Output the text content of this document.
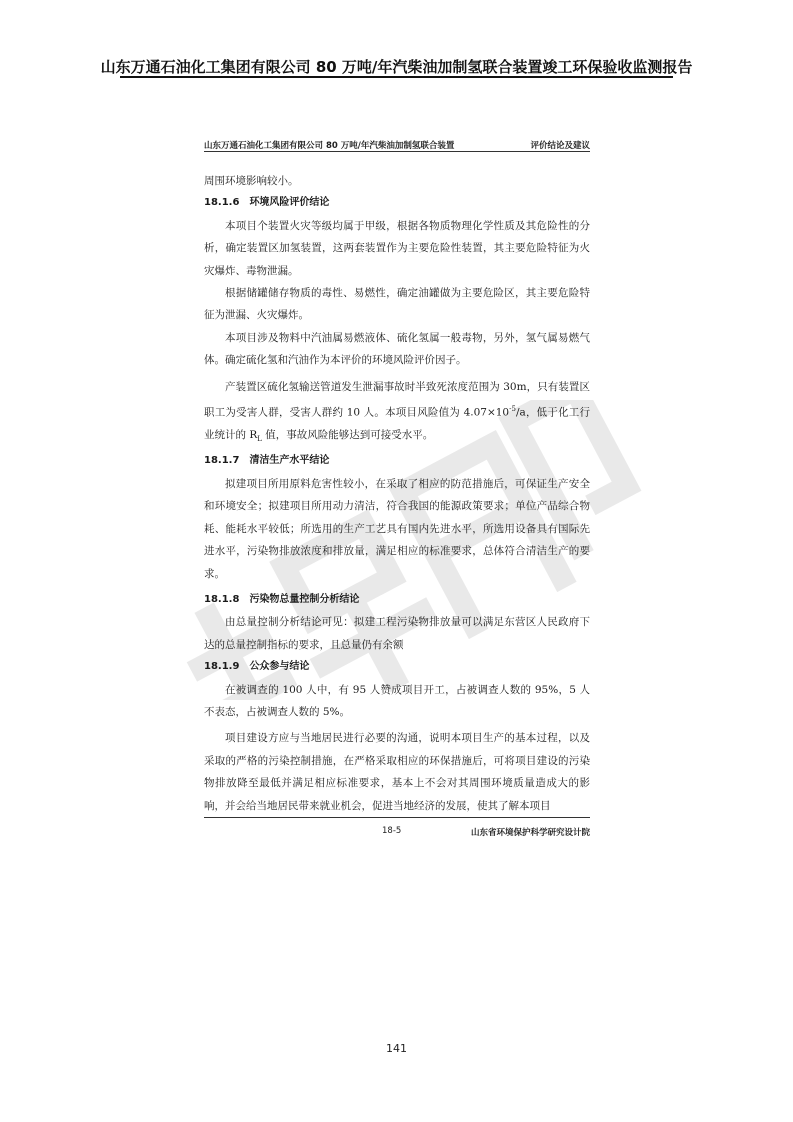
山东万通石油化工集团有限公司 80 万吨/年汽柴油加制氢联合装置竣工环保验收监测报告
山东万通石油化工集团有限公司 80 万吨/年汽柴油加制氢联合装置	评价结论及建议

周围环境影响较小。

18.1.6 环境风险评价结论

本项目个装置火灾等级均属于甲级，根据各物质物理化学性质及其危险性的分析，确定装置区加氢装置，这两套装置作为主要危险性装置，其主要危险特征为火灾爆炸、毒物泄漏。

根据储罐储存物质的毒性、易燃性，确定油罐做为主要危险区，其主要危险特征为泄漏、火灾爆炸。

本项目涉及物料中汽油属易燃液体、硫化氢属一般毒物，另外，氢气属易燃气体。确定硫化氢和汽油作为本评价的环境风险评价因子。

产装置区硫化氢输送管道发生泄漏事故时半致死浓度范围为 30m，只有装置区职工为受害人群，受害人群约 10 人。本项目风险值为 $4.07\times 10^{-5}/a$，低于化工行业统计的 $R_L$ 值，事故风险能够达到可接受水平。

18.1.7 清洁生产水平结论

拟建项目所用原料危害性较小，在采取了相应的防范措施后，可保证生产安全和环境安全；拟建项目所用动力清洁，符合我国的能源政策要求；单位产品综合物耗、能耗水平较低；所选用的生产工艺具有国内先进水平，所选用设备具有国际先进水平，污染物排放浓度和排放量，满足相应的标准要求，总体符合清洁生产的要求。

18.1.8 污染物总量控制分析结论

由总量控制分析结论可见：拟建工程污染物排放量可以满足东营区人民政府下达的总量控制指标的要求，且总量仍有余额

18.1.9 公众参与结论

在被调查的 100 人中，有 95 人赞成项目开工，占被调查人数的 95%，5 人不表态，占被调查人数的 5%。

项目建设方应与当地居民进行必要的沟通，说明本项目生产的基本过程，以及采取的严格的污染控制措施，在严格采取相应的环保措施后，可将项目建设的污染物排放降至最低并满足相应标准要求，基本上不会对其周围环境质量造成大的影响，并会给当地居民带来就业机会，促进当地经济的发展，使其了解本项目

18-5	山东省环境保护科学研究设计院
141
